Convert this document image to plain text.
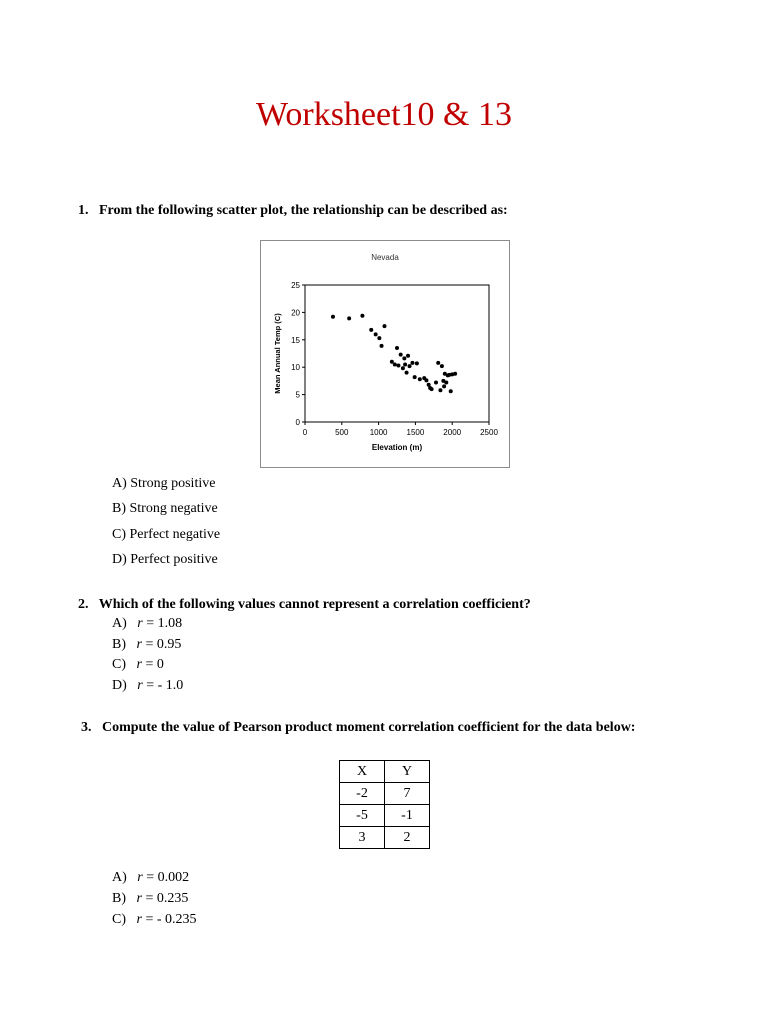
Worksheet10 & 13
1. From the following scatter plot, the relationship can be described as:
Nevada
0	500	1000 1500 2000 2500
0
5
10
15
20
25
Elevation (m)
Mean Annual Temp (C)
A) Strong positive
B) Strong negative
C) Perfect negative
D) Perfect positive
2. Which of the following values cannot represent a correlation coefficient?
A) r = 1.08
B) r = 0.95
C) r = 0
D) r = - 1.0
3. Compute the value of Pearson product moment correlation coefficient for the data below:
X	Y
-2	7
-5	-1
3	2
A) r = 0.002
B) r = 0.235
C) r = - 0.235
